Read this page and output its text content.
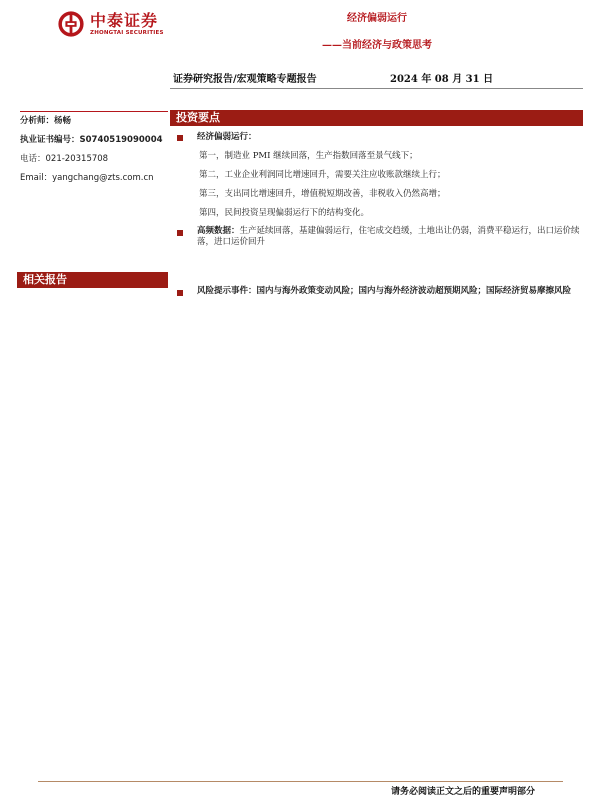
中泰证券
ZHONGTAI SECURITIES
经济偏弱运行
——当前经济与政策思考
证券研究报告/宏观策略专题报告	2024 年 08 月 31 日
分析师：杨畅
执业证书编号：S0740519090004
电话：021-20315708
Email：yangchang@zts.com.cn
投资要点
相关报告
经济偏弱运行：
第一，制造业 PMI 继续回落，生产指数回落至景气线下；
第二，工业企业利润同比增速回升，需要关注应收账款继续上行；
第三，支出同比增速回升，增值税短期改善，非税收入仍然高增；
第四，民间投资呈现偏弱运行下的结构变化。
高频数据：生产延续回落，基建偏弱运行，住宅成交趋缓，土地出让仍弱，消费平稳运行，出口运价续落，进口运价回升
风险提示事件：国内与海外政策变动风险；国内与海外经济波动超预期风险；国际经济贸易摩擦风险
请务必阅读正文之后的重要声明部分
